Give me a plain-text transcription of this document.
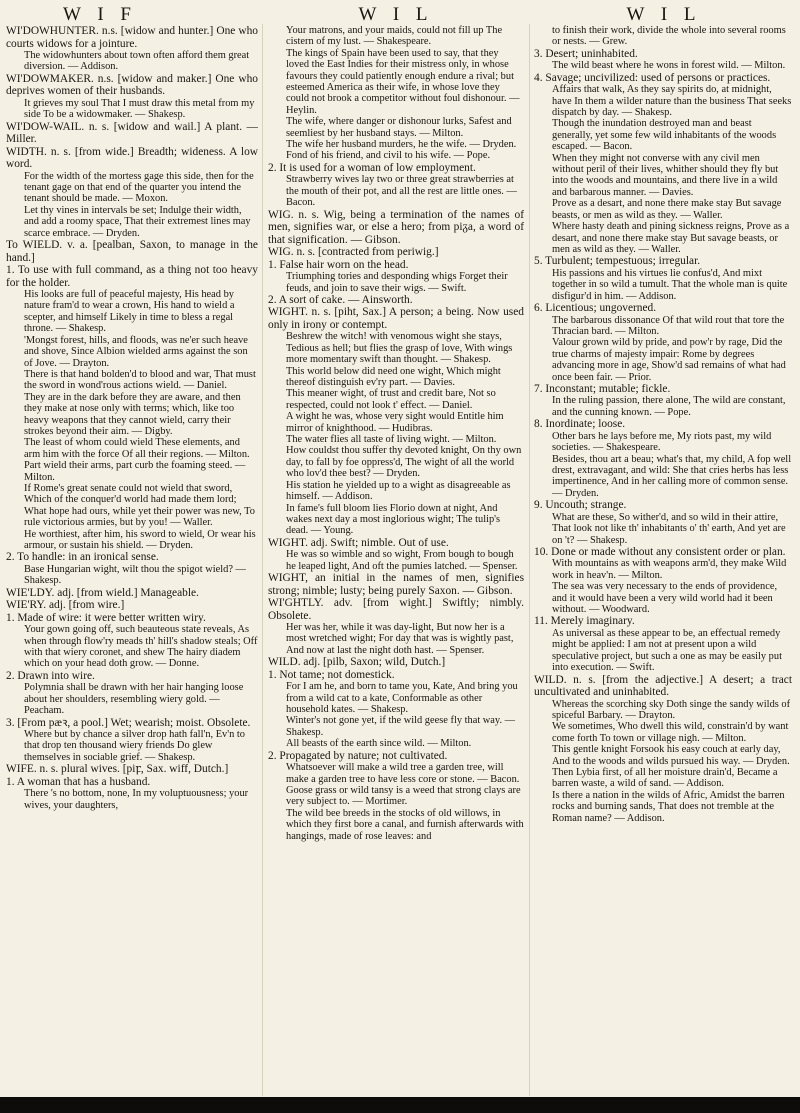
W I F	W I L	W I L

WI'DOWHUNTER. n.s. [widow and hunter.] One who courts widows for a jointure.

The widowhunters about town often afford them great diversion. — Addison.

WI'DOWMAKER. n.s. [widow and maker.] One who deprives women of their husbands.

It grieves my soul That I must draw this metal from my side To be a widowmaker. — Shakesp.

WI'DOW-WAIL. n. s. [widow and wail.] A plant. — Miller.

WIDTH. n. s. [from wide.] Breadth; wideness. A low word.

For the width of the mortess gage this side, then for the tenant gage on that end of the quarter you intend the tenant should be made. — Moxon.

Let thy vines in intervals be set; Indulge their width, and add a roomy space, That their extremest lines may scarce embrace. — Dryden.

To WIELD. v. a. [pealban, Saxon, to manage in the hand.]

1. To use with full command, as a thing not too heavy for the holder.

His looks are full of peaceful majesty, His head by nature fram'd to wear a crown, His hand to wield a scepter, and himself Likely in time to bless a regal throne. — Shakesp.

'Mongst forest, hills, and floods, was ne'er such heave and shove, Since Albion wielded arms against the son of Jove. — Drayton.

There is that hand bolden'd to blood and war, That must the sword in wond'rous actions wield. — Daniel.

They are in the dark before they are aware, and then they make at nose only with terms; which, like too heavy weapons that they cannot wield, carry their strokes beyond their aim. — Digby.

The least of whom could wield These elements, and arm him with the force Of all their regions. — Milton.

Part wield their arms, part curb the foaming steed. — Milton.

If Rome's great senate could not wield that sword, Which of the conquer'd world had made them lord; What hope had ours, while yet their power was new, To rule victorious armies, but by you! — Waller.

He worthiest, after him, his sword to wield, Or wear his armour, or sustain his shield. — Dryden.

2. To handle: in an ironical sense.

Base Hungarian wight, wilt thou the spigot wield? — Shakesp.

WIE'LDY. adj. [from wield.] Manageable.

WIE'RY. adj. [from wire.]

1. Made of wire: it were better written wiry.

Your gown going off, such beauteous state reveals, As when through flow'ry meads th' hill's shadow steals; Off with that wiery coronet, and shew The hairy diadem which on your head doth grow. — Donne.

2. Drawn into wire.

Polymnia shall be drawn with her hair hanging loose about her shoulders, resembling wiery gold. — Peacham.

3. [From pæꝛ, a pool.] Wet; wearish; moist. Obsolete.

Where but by chance a silver drop hath fall'n, Ev'n to that drop ten thousand wiery friends Do glew themselves in sociable grief. — Shakesp.

WIFE. n. s. plural wives. [piꝼ, Sax. wiff, Dutch.]

1. A woman that has a husband.

There 's no bottom, none, In my voluptuousness; your wives, your daughters,

Your matrons, and your maids, could not fill up The cistern of my lust. — Shakespeare.

The kings of Spain have been used to say, that they loved the East Indies for their mistress only, in whose favours they could patiently enough endure a rival; but esteemed America as their wife, in whose love they could not brook a competitor without foul dishonour. — Heylin.

The wife, where danger or dishonour lurks, Safest and seemliest by her husband stays. — Milton.

The wife her husband murders, he the wife. — Dryden.

Fond of his friend, and civil to his wife. — Pope.

2. It is used for a woman of low employment.

Strawberry wives lay two or three great strawberries at the mouth of their pot, and all the rest are little ones. — Bacon.

WIG. n. s. Wig, being a termination of the names of men, signifies war, or else a hero; from piᵹa, a word of that signification. — Gibson.

WIG. n. s. [contracted from periwig.]

1. False hair worn on the head.

Triumphing tories and desponding whigs Forget their feuds, and join to save their wigs. — Swift.

2. A sort of cake. — Ainsworth.

WIGHT. n. s. [piht, Sax.] A person; a being. Now used only in irony or contempt.

Beshrew the witch! with venomous wight she stays, Tedious as hell; but flies the grasp of love, With wings more momentary swift than thought. — Shakesp.

This world below did need one wight, Which might thereof distinguish ev'ry part. — Davies.

This meaner wight, of trust and credit bare, Not so respected, could not look t' effect. — Daniel.

A wight he was, whose very sight would Entitle him mirror of knighthood. — Hudibras.

The water flies all taste of living wight. — Milton.

How couldst thou suffer thy devoted knight, On thy own day, to fall by foe oppress'd, The wight of all the world who lov'd thee best? — Dryden.

His station he yielded up to a wight as disagreeable as himself. — Addison.

In fame's full bloom lies Florio down at night, And wakes next day a most inglorious wight; The tulip's dead. — Young.

WIGHT. adj. Swift; nimble. Out of use.

He was so wimble and so wight, From bough to bough he leaped light, And oft the pumies latched. — Spenser.

WIGHT, an initial in the names of men, signifies strong; nimble; lusty; being purely Saxon. — Gibson.

WI'GHTLY. adv. [from wight.] Swiftly; nimbly. Obsolete.

Her was her, while it was day-light, But now her is a most wretched wight; For day that was is wightly past, And now at last the night doth hast. — Spenser.

WILD. adj. [pilb, Saxon; wild, Dutch.]

1. Not tame; not domestick.

For I am he, and born to tame you, Kate, And bring you from a wild cat to a kate, Conformable as other household kates. — Shakesp.

Winter's not gone yet, if the wild geese fly that way. — Shakesp.

All beasts of the earth since wild. — Milton.

2. Propagated by nature; not cultivated.

Whatsoever will make a wild tree a garden tree, will make a garden tree to have less core or stone. — Bacon.

Goose grass or wild tansy is a weed that strong clays are very subject to. — Mortimer.

The wild bee breeds in the stocks of old willows, in which they first bore a canal, and furnish afterwards with hangings, made of rose leaves: and

to finish their work, divide the whole into several rooms or nests. — Grew.

3. Desert; uninhabited.

The wild beast where he wons in forest wild. — Milton.

4. Savage; uncivilized: used of persons or practices.

Affairs that walk, As they say spirits do, at midnight, have In them a wilder nature than the business That seeks dispatch by day. — Shakesp.

Though the inundation destroyed man and beast generally, yet some few wild inhabitants of the woods escaped. — Bacon.

When they might not converse with any civil men without peril of their lives, whither should they fly but into the woods and mountains, and there live in a wild and barbarous manner. — Davies.

Prove as a desart, and none there make stay But savage beasts, or men as wild as they. — Waller.

Where hasty death and pining sickness reigns, Prove as a desart, and none there make stay But savage beasts, or men as wild as they. — Waller.

5. Turbulent; tempestuous; irregular.

His passions and his virtues lie confus'd, And mixt together in so wild a tumult. That the whole man is quite disfigur'd in him. — Addison.

6. Licentious; ungoverned.

The barbarous dissonance Of that wild rout that tore the Thracian bard. — Milton.

Valour grown wild by pride, and pow'r by rage, Did the true charms of majesty impair: Rome by degrees advancing more in age, Show'd sad remains of what had once been fair. — Prior.

7. Inconstant; mutable; fickle.

In the ruling passion, there alone, The wild are constant, and the cunning known. — Pope.

8. Inordinate; loose.

Other bars he lays before me, My riots past, my wild societies. — Shakespeare.

Besides, thou art a beau; what's that, my child, A fop well drest, extravagant, and wild: She that cries herbs has less impertinence, And in her calling more of common sense. — Dryden.

9. Uncouth; strange.

What are these, So wither'd, and so wild in their attire, That look not like th' inhabitants o' th' earth, And yet are on 't? — Shakesp.

10. Done or made without any consistent order or plan.

With mountains as with weapons arm'd, they make Wild work in heav'n. — Milton.

The sea was very necessary to the ends of providence, and it would have been a very wild world had it been without. — Woodward.

11. Merely imaginary.

As universal as these appear to be, an effectual remedy might be applied: I am not at present upon a wild speculative project, but such a one as may be easily put into execution. — Swift.

WILD. n. s. [from the adjective.] A desert; a tract uncultivated and uninhabited.

Whereas the scorching sky Doth singe the sandy wilds of spiceful Barbary. — Drayton.

We sometimes, Who dwell this wild, constrain'd by want come forth To town or village nigh. — Milton.

This gentle knight Forsook his easy couch at early day, And to the woods and wilds pursued his way. — Dryden.

Then Lybia first, of all her moisture drain'd, Became a barren waste, a wild of sand. — Addison.

Is there a nation in the wilds of Afric, Amidst the barren rocks and burning sands, That does not tremble at the Roman name? — Addison.
